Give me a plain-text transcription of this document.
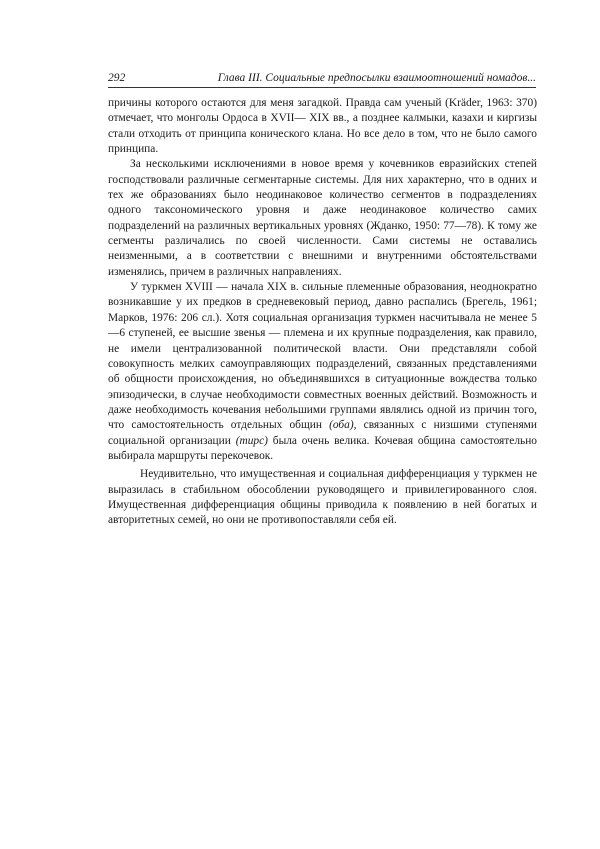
292	Глава III. Социальные предпосылки взаимоотношений номадов...

причины которого остаются для меня загадкой. Правда сам ученый (Kräder, 1963: 370) отмечает, что монголы Ордоса в XVII— XIX вв., а позднее калмыки, казахи и киргизы стали отходить от принципа конического клана. Но все дело в том, что не было самого принципа.

За несколькими исключениями в новое время у кочевников евразийских степей господствовали различные сегментарные системы. Для них характерно, что в одних и тех же образованиях было неодинаковое количество сегментов в подразделениях одного таксономического уровня и даже неодинаковое количество самих подразделений на различных вертикальных уровнях (Жданко, 1950: 77—78). К тому же сегменты различались по своей численности. Сами системы не оставались неизменными, а в соответствии с внешними и внутренними обстоятельствами изменялись, причем в различных направлениях.

У туркмен XVIII — начала XIX в. сильные племенные образования, неоднократно возникавшие у их предков в средневековый период, давно распались (Брегель, 1961; Марков, 1976: 206 сл.). Хотя социальная организация туркмен насчитывала не менее 5—6 ступеней, ее высшие звенья — племена и их крупные подразделения, как правило, не имели централизованной политической власти. Они представляли собой совокупность мелких самоуправляющих подразделений, связанных представлениями об общности происхождения, но объединявшихся в ситуационные вождества только эпизодически, в случае необходимости совместных военных действий. Возможность и даже необходимость кочевания небольшими группами являлись одной из причин того, что самостоятельность отдельных общин (оба), связанных с низшими ступенями социальной организации (тирс) была очень велика. Кочевая община самостоятельно выбирала маршруты перекочевок.

Неудивительно, что имущественная и социальная дифференциация у туркмен не выразилась в стабильном обособлении руководящего и привилегированного слоя. Имущественная дифференциация общины приводила к появлению в ней богатых и авторитетных семей, но они не противопоставляли себя ей.
